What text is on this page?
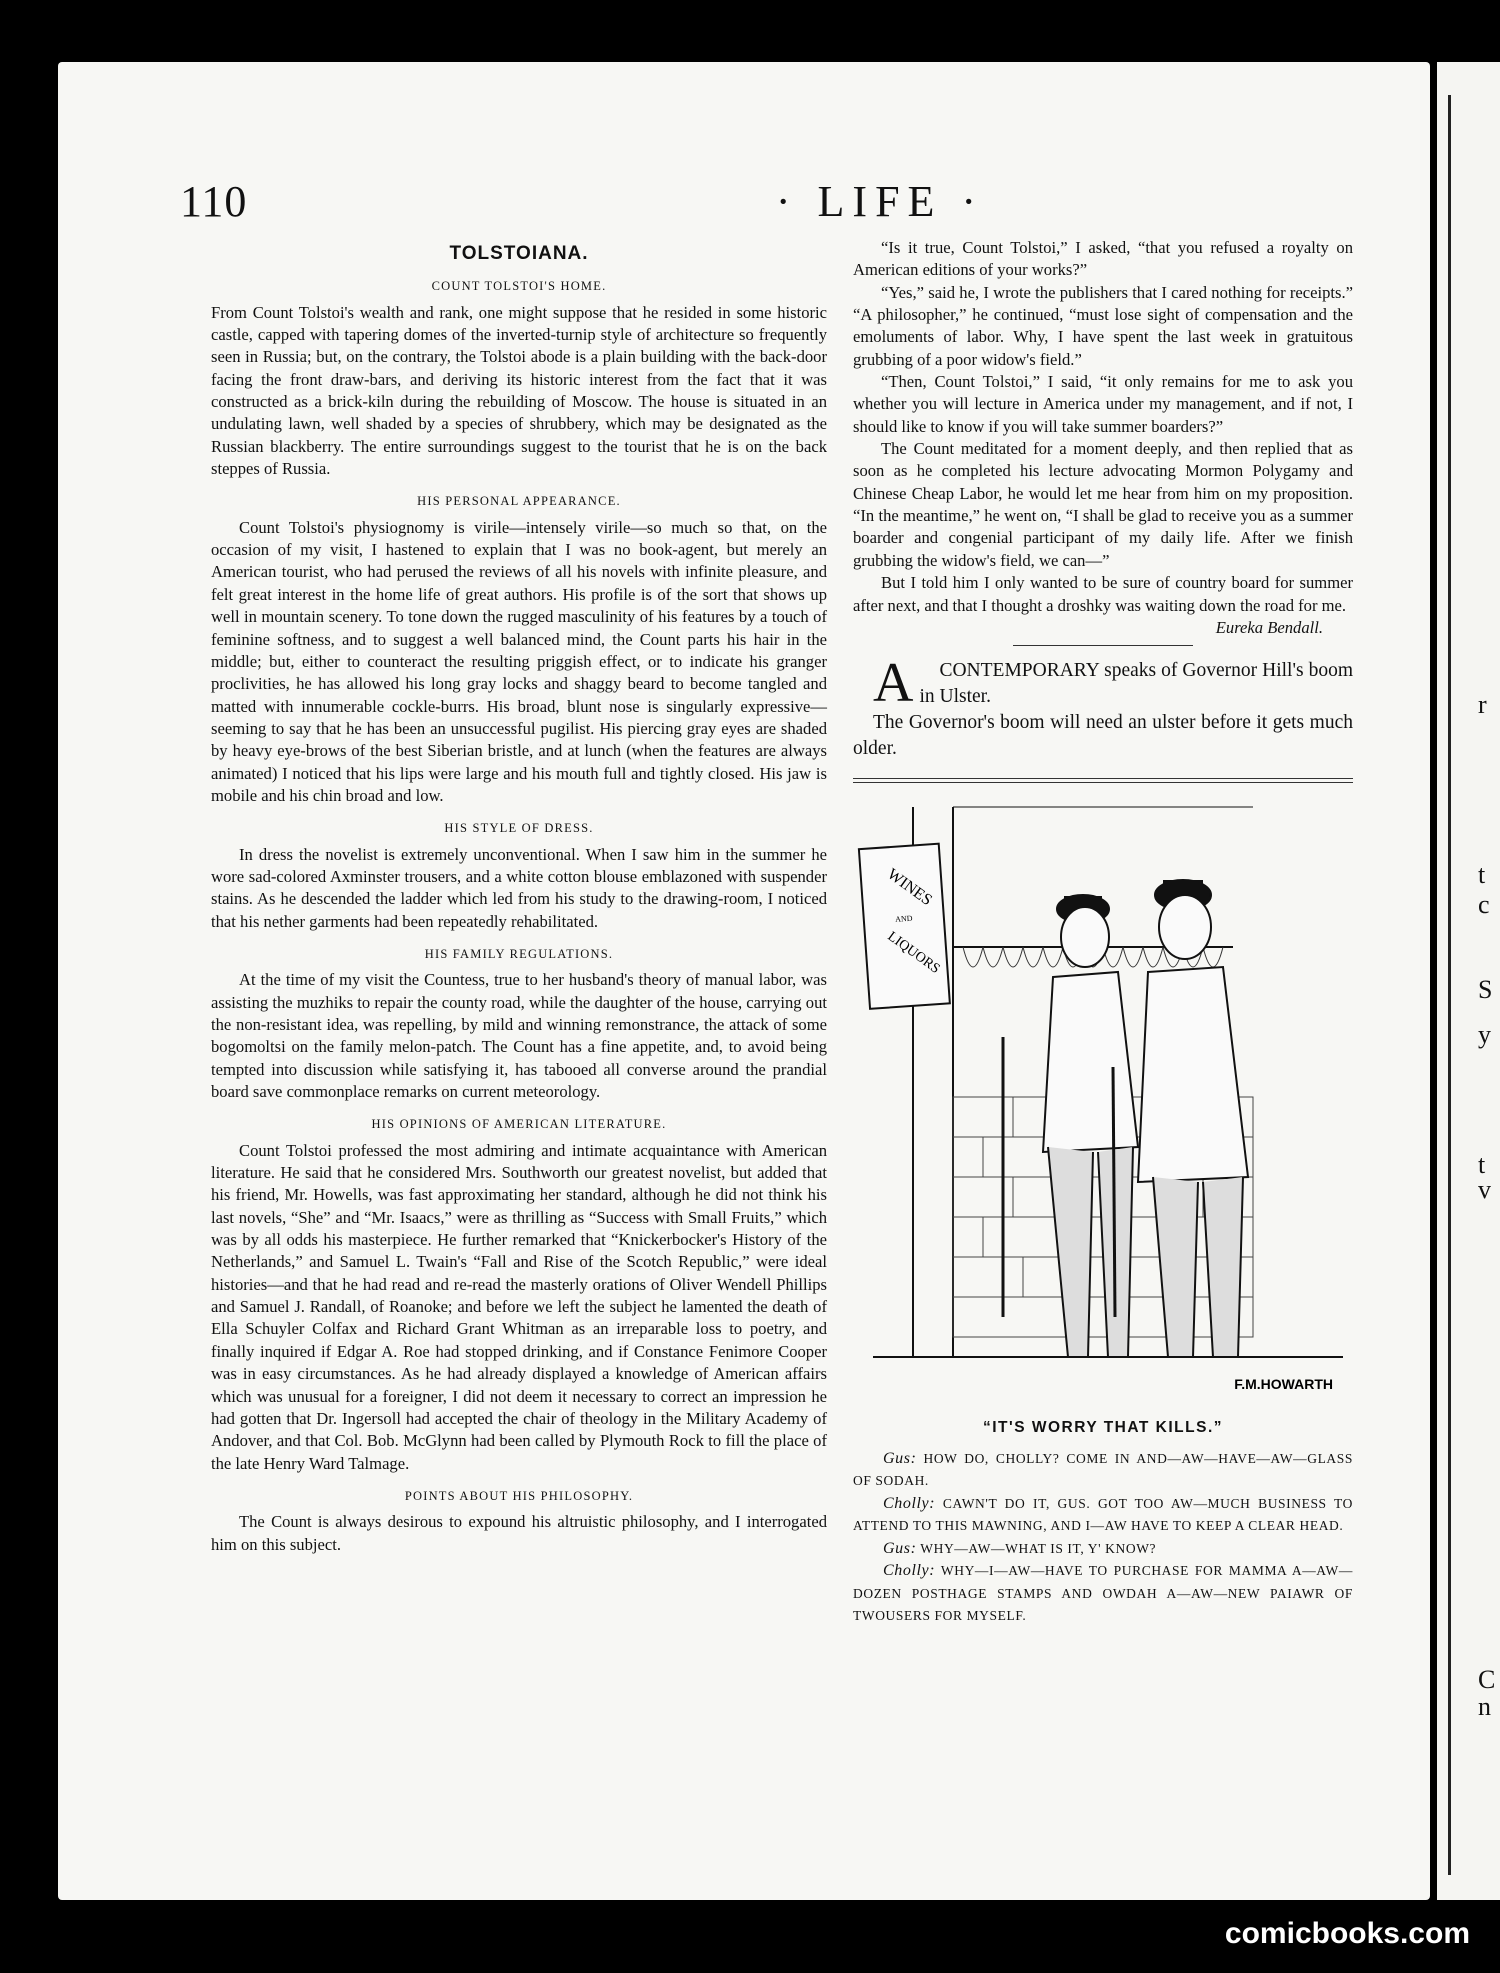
r
t
c
S
y
t
v
C
n
110	· LIFE ·
TOLSTOIANA.
COUNT TOLSTOI'S HOME.

From Count Tolstoi's wealth and rank, one might suppose that he resided in some historic castle, capped with tapering domes of the inverted-turnip style of architecture so frequently seen in Russia; but, on the contrary, the Tolstoi abode is a plain building with the back-door facing the front draw-bars, and deriving its historic interest from the fact that it was constructed as a brick-kiln during the rebuilding of Moscow. The house is situated in an undulating lawn, well shaded by a species of shrubbery, which may be designated as the Russian blackberry. The entire surroundings suggest to the tourist that he is on the back steppes of Russia.

HIS PERSONAL APPEARANCE.

Count Tolstoi's physiognomy is virile—intensely virile—so much so that, on the occasion of my visit, I hastened to explain that I was no book-agent, but merely an American tourist, who had perused the reviews of all his novels with infinite pleasure, and felt great interest in the home life of great authors. His profile is of the sort that shows up well in mountain scenery. To tone down the rugged masculinity of his features by a touch of feminine softness, and to suggest a well balanced mind, the Count parts his hair in the middle; but, either to counteract the resulting priggish effect, or to indicate his granger proclivities, he has allowed his long gray locks and shaggy beard to become tangled and matted with innumerable cockle-burrs. His broad, blunt nose is singularly expressive—seeming to say that he has been an unsuccessful pugilist. His piercing gray eyes are shaded by heavy eye-brows of the best Siberian bristle, and at lunch (when the features are always animated) I noticed that his lips were large and his mouth full and tightly closed. His jaw is mobile and his chin broad and low.

HIS STYLE OF DRESS.

In dress the novelist is extremely unconventional. When I saw him in the summer he wore sad-colored Axminster trousers, and a white cotton blouse emblazoned with suspender stains. As he descended the ladder which led from his study to the drawing-room, I noticed that his nether garments had been repeatedly rehabilitated.

HIS FAMILY REGULATIONS.

At the time of my visit the Countess, true to her husband's theory of manual labor, was assisting the muzhiks to repair the county road, while the daughter of the house, carrying out the non-resistant idea, was repelling, by mild and winning remonstrance, the attack of some bogomoltsi on the family melon-patch. The Count has a fine appetite, and, to avoid being tempted into discussion while satisfying it, has tabooed all converse around the prandial board save commonplace remarks on current meteorology.

HIS OPINIONS OF AMERICAN LITERATURE.

Count Tolstoi professed the most admiring and intimate acquaintance with American literature. He said that he considered Mrs. Southworth our greatest novelist, but added that his friend, Mr. Howells, was fast approximating her standard, although he did not think his last novels, “She” and “Mr. Isaacs,” were as thrilling as “Success with Small Fruits,” which was by all odds his masterpiece. He further remarked that “Knickerbocker's History of the Netherlands,” and Samuel L. Twain's “Fall and Rise of the Scotch Republic,” were ideal histories—and that he had read and re-read the masterly orations of Oliver Wendell Phillips and Samuel J. Randall, of Roanoke; and before we left the subject he lamented the death of Ella Schuyler Colfax and Richard Grant Whitman as an irreparable loss to poetry, and finally inquired if Edgar A. Roe had stopped drinking, and if Constance Fenimore Cooper was in easy circumstances. As he had already displayed a knowledge of American affairs which was unusual for a foreigner, I did not deem it necessary to correct an impression he had gotten that Dr. Ingersoll had accepted the chair of theology in the Military Academy of Andover, and that Col. Bob. McGlynn had been called by Plymouth Rock to fill the place of the late Henry Ward Talmage.

POINTS ABOUT HIS PHILOSOPHY.

The Count is always desirous to expound his altruistic philosophy, and I interrogated him on this subject.

“Is it true, Count Tolstoi,” I asked, “that you refused a royalty on American editions of your works?”

“Yes,” said he, I wrote the publishers that I cared nothing for receipts.” “A philosopher,” he continued, “must lose sight of compensation and the emoluments of labor. Why, I have spent the last week in gratuitous grubbing of a poor widow's field.”

“Then, Count Tolstoi,” I said, “it only remains for me to ask you whether you will lecture in America under my management, and if not, I should like to know if you will take summer boarders?”

The Count meditated for a moment deeply, and then replied that as soon as he completed his lecture advocating Mormon Polygamy and Chinese Cheap Labor, he would let me hear from him on my proposition. “In the meantime,” he went on, “I shall be glad to receive you as a summer boarder and congenial participant of my daily life. After we finish grubbing the widow's field, we can—”

But I told him I only wanted to be sure of country board for summer after next, and that I thought a droshky was waiting down the road for me.

Eureka Bendall.

A CONTEMPORARY speaks of Governor Hill's boom in Ulster.

The Governor's boom will need an ulster before it gets much older.

WINES
AND
LIQUORS
F.M.HOWARTH
“IT'S WORRY THAT KILLS.”

Gus: HOW DO, CHOLLY? COME IN AND—AW—HAVE—AW—GLASS OF SODAH.

Cholly: CAWN'T DO IT, GUS. GOT TOO AW—MUCH BUSINESS TO ATTEND TO THIS MAWNING, AND I—AW HAVE TO KEEP A CLEAR HEAD.

Gus: WHY—AW—WHAT IS IT, Y' KNOW?

Cholly: WHY—I—AW—HAVE TO PURCHASE FOR MAMMA A—AW—DOZEN POSTHAGE STAMPS AND OWDAH A—AW—NEW PAIAWR OF TWOUSERS FOR MYSELF.

comicbooks.com
